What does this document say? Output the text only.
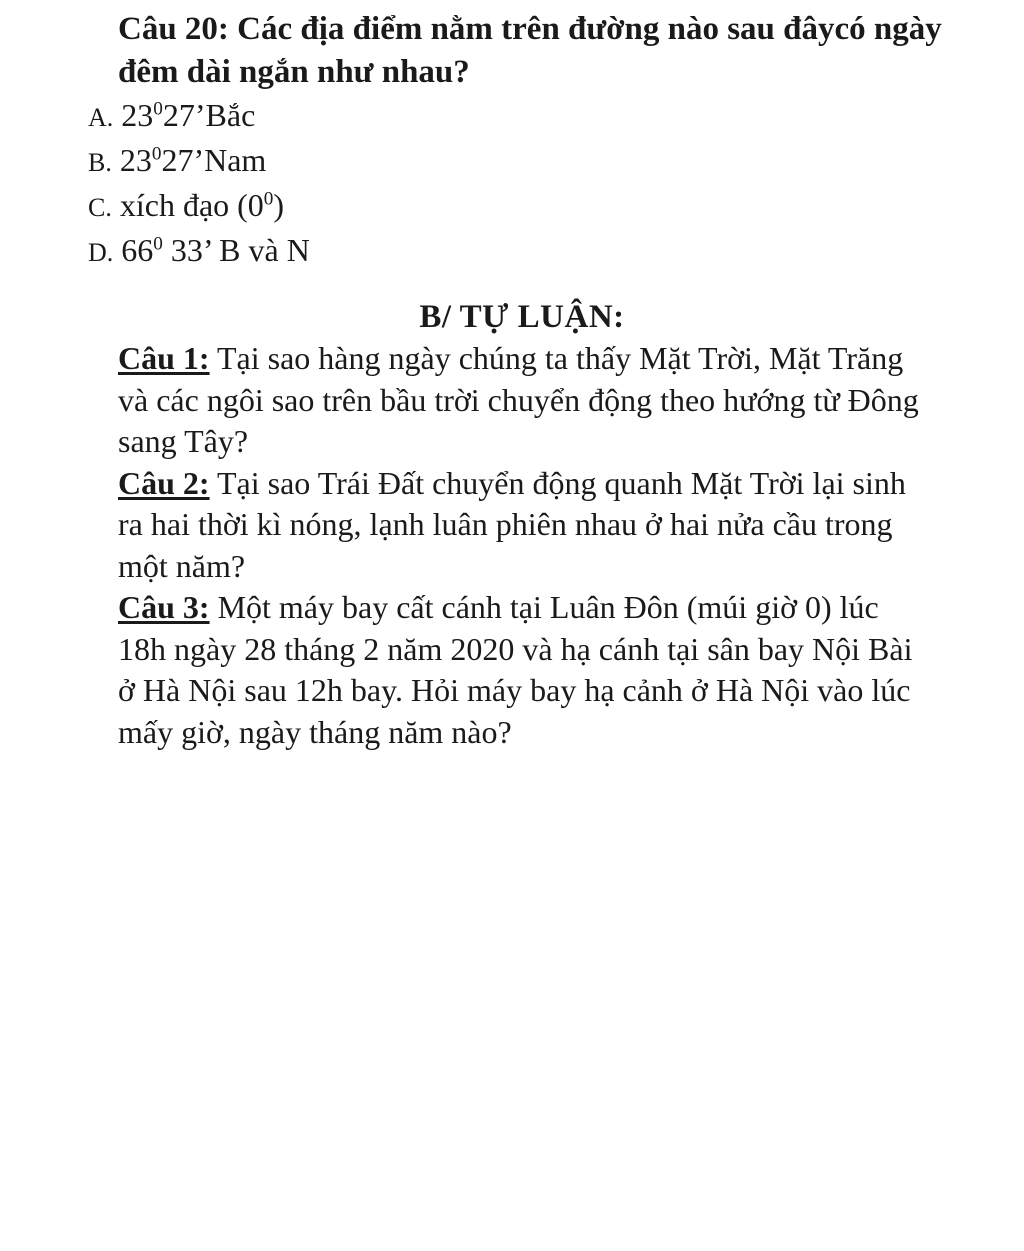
Câu 20: Các địa điểm nằm trên đường nào sau đâycó ngày đêm dài ngắn như nhau?
A. $23^027’Bắc$
B. $23^027’Nam$
C. xích đạo $(0^0)$
D. $66^0$ 33’ B và N
B/ TỰ LUẬN:

Câu 1: Tại sao hàng ngày chúng ta thấy Mặt Trời, Mặt Trăng và các ngôi sao trên bầu trời chuyển động theo hướng từ Đông sang Tây?

Câu 2: Tại sao Trái Đất chuyển động quanh Mặt Trời lại sinh ra hai thời kì nóng, lạnh luân phiên nhau ở hai nửa cầu trong một năm?

Câu 3: Một máy bay cất cánh tại Luân Đôn (múi giờ 0) lúc 18h ngày 28 tháng 2 năm 2020 và hạ cánh tại sân bay Nội Bài ở Hà Nội sau 12h bay. Hỏi máy bay hạ cảnh ở Hà Nội vào lúc mấy giờ, ngày tháng năm nào?
